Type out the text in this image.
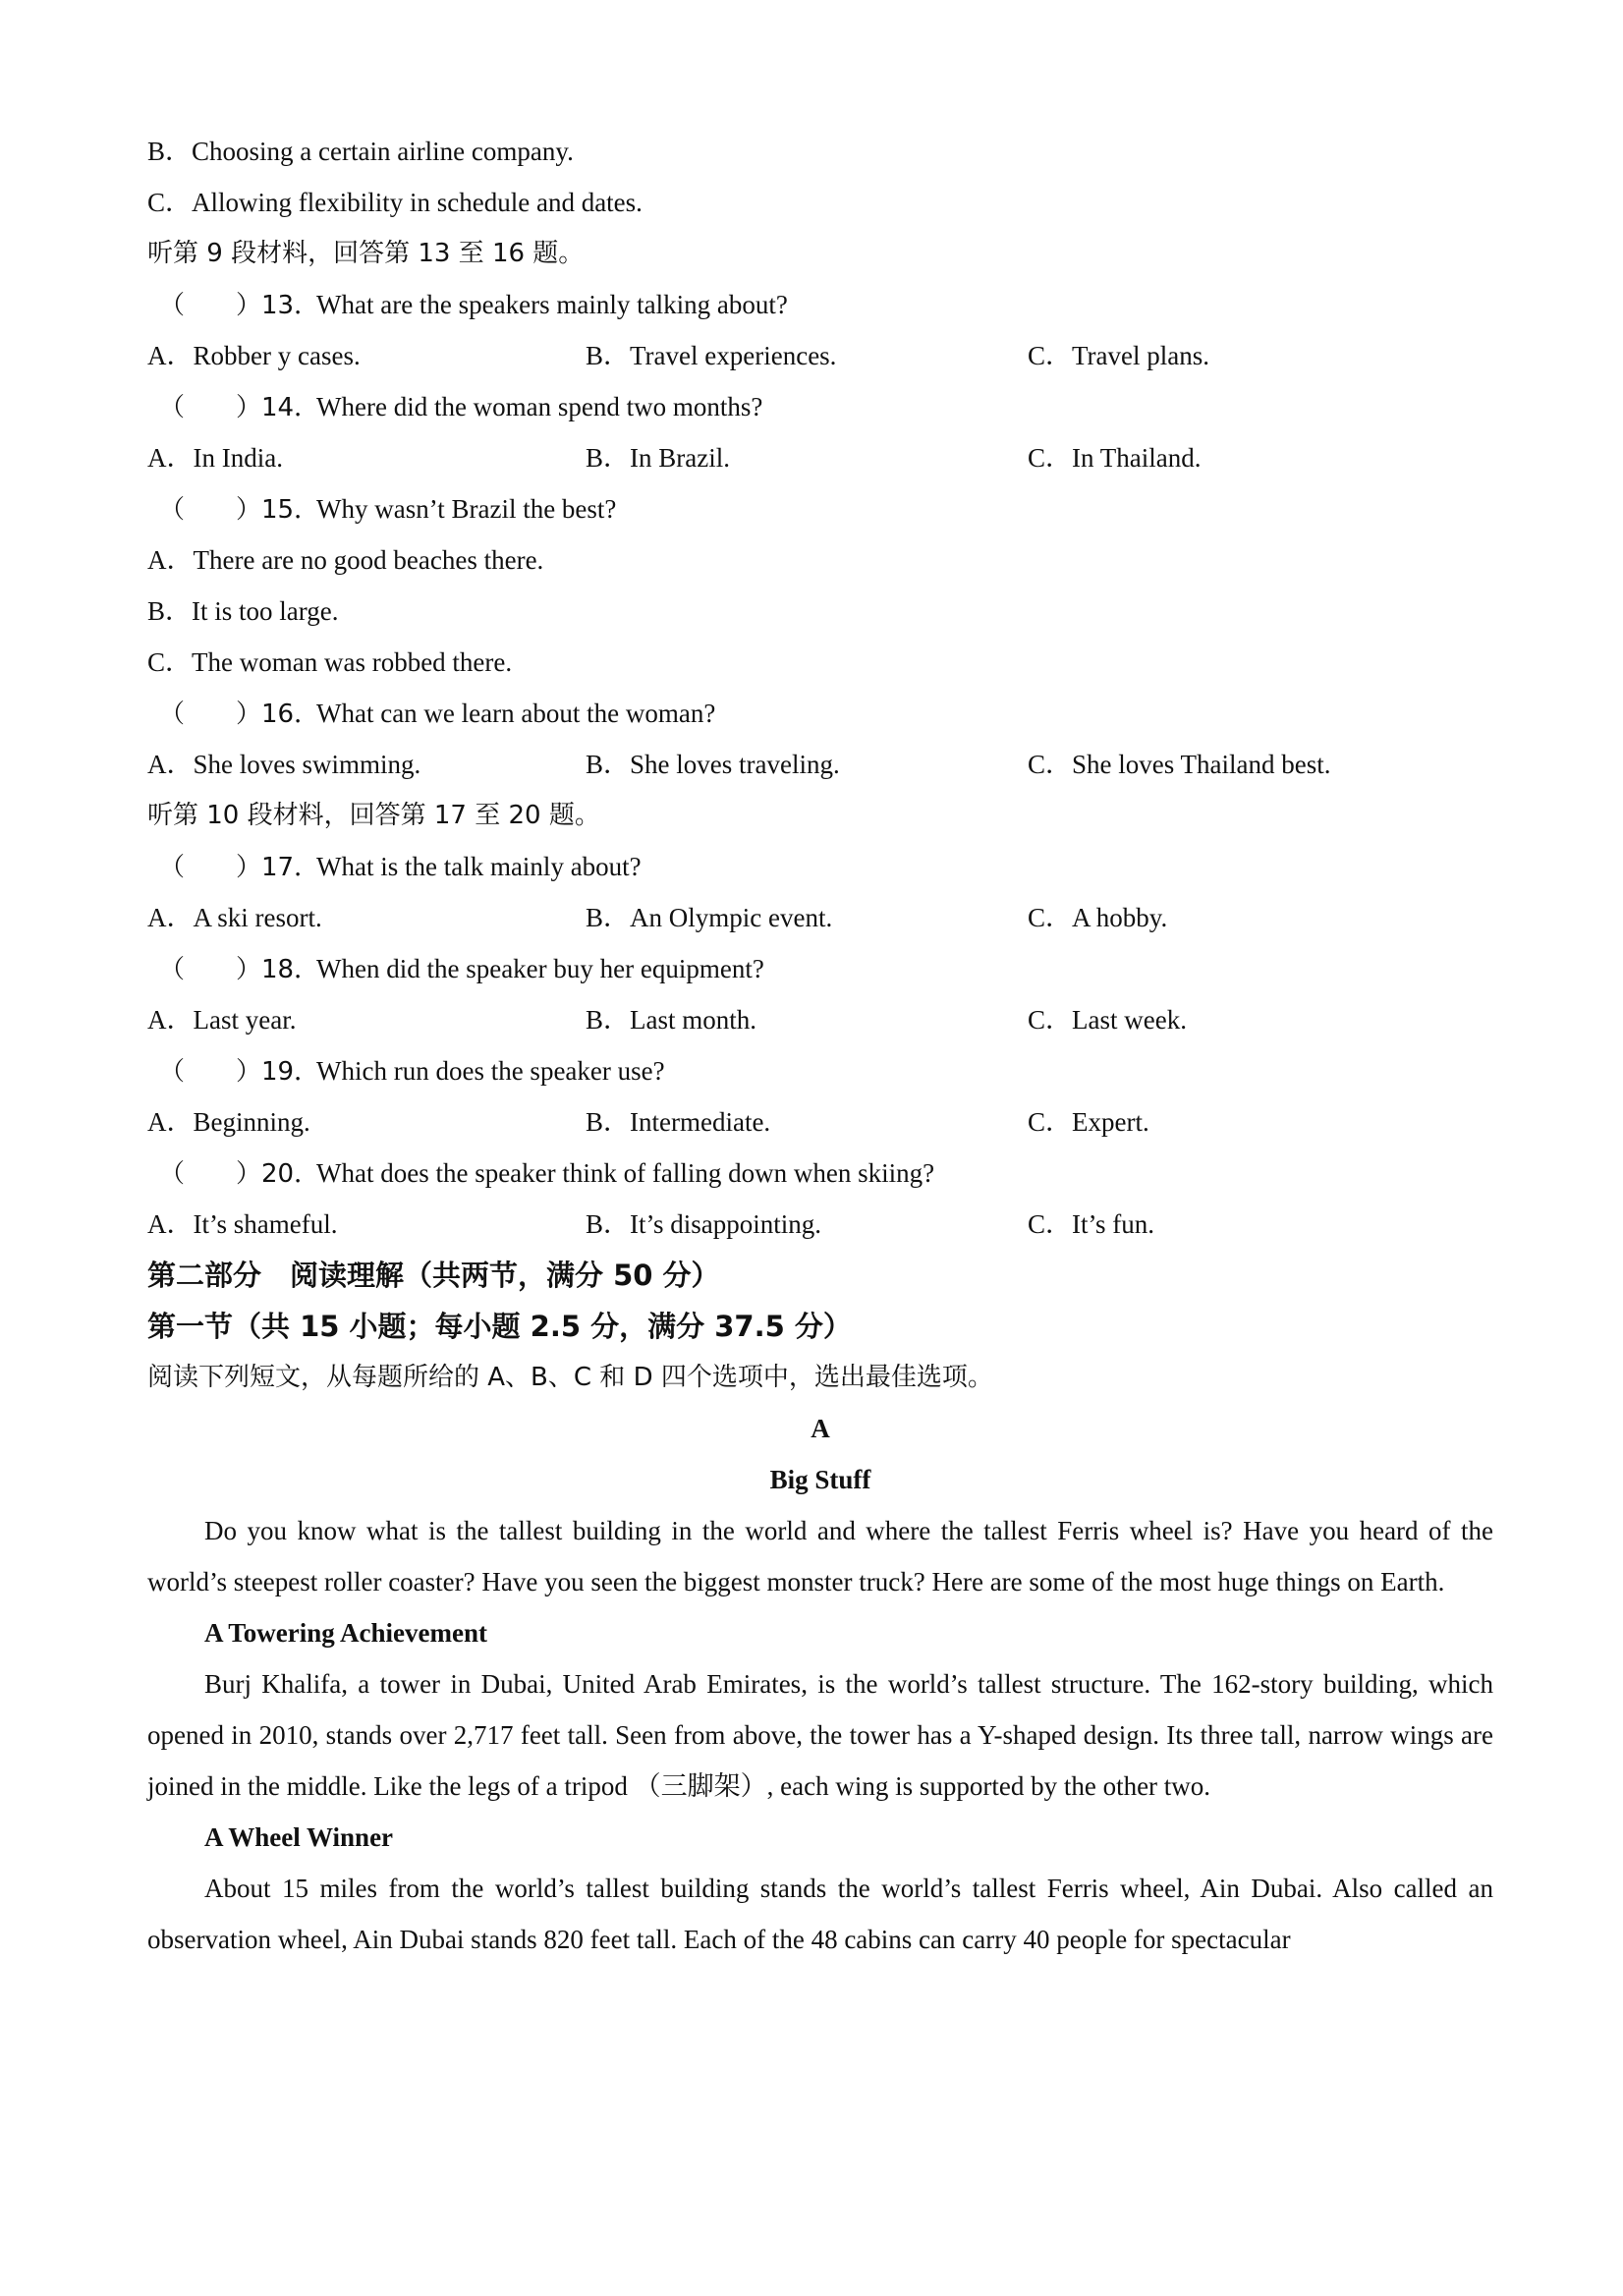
B．Choosing a certain airline company.
C．Allowing flexibility in schedule and dates.
听第 9 段材料，回答第 13 至 16 题。
（　　）13．What are the speakers mainly talking about?
A．Robber y cases.	B．Travel experiences.	C．Travel plans.
（　　）14．Where did the woman spend two months?
A．In India.	B．In Brazil.	C．In Thailand.
（　　）15．Why wasn’t Brazil the best?
A．There are no good beaches there.
B．It is too large.
C．The woman was robbed there.
（　　）16．What can we learn about the woman?
A．She loves swimming.	B．She loves traveling.	C．She loves Thailand best.
听第 10 段材料，回答第 17 至 20 题。
（　　）17．What is the talk mainly about?
A．A ski resort.	B．An Olympic event.	C．A hobby.
（　　）18．When did the speaker buy her equipment?
A．Last year.	B．Last month.	C．Last week.
（　　）19．Which run does the speaker use?
A．Beginning.	B．Intermediate.	C．Expert.
（　　）20．What does the speaker think of falling down when skiing?
A．It’s shameful.	B．It’s disappointing.	C．It’s fun.
第二部分　阅读理解（共两节，满分 50 分）
第一节（共 15 小题；每小题 2.5 分，满分 37.5 分）
阅读下列短文，从每题所给的 A、B、C 和 D 四个选项中，选出最佳选项。
A
Big Stuff

Do you know what is the tallest building in the world and where the tallest Ferris wheel is? Have you heard of the world’s steepest roller coaster? Have you seen the biggest monster truck? Here are some of the most huge things on Earth.

A Towering Achievement

Burj Khalifa, a tower in Dubai, United Arab Emirates, is the world’s tallest structure. The 162-story building, which opened in 2010, stands over 2,717 feet tall. Seen from above, the tower has a Y-shaped design. Its three tall, narrow wings are joined in the middle. Like the legs of a tripod （三脚架）, each wing is supported by the other two.

A Wheel Winner

About 15 miles from the world’s tallest building stands the world’s tallest Ferris wheel, Ain Dubai. Also called an observation wheel, Ain Dubai stands 820 feet tall. Each of the 48 cabins can carry 40 people for spectacular
